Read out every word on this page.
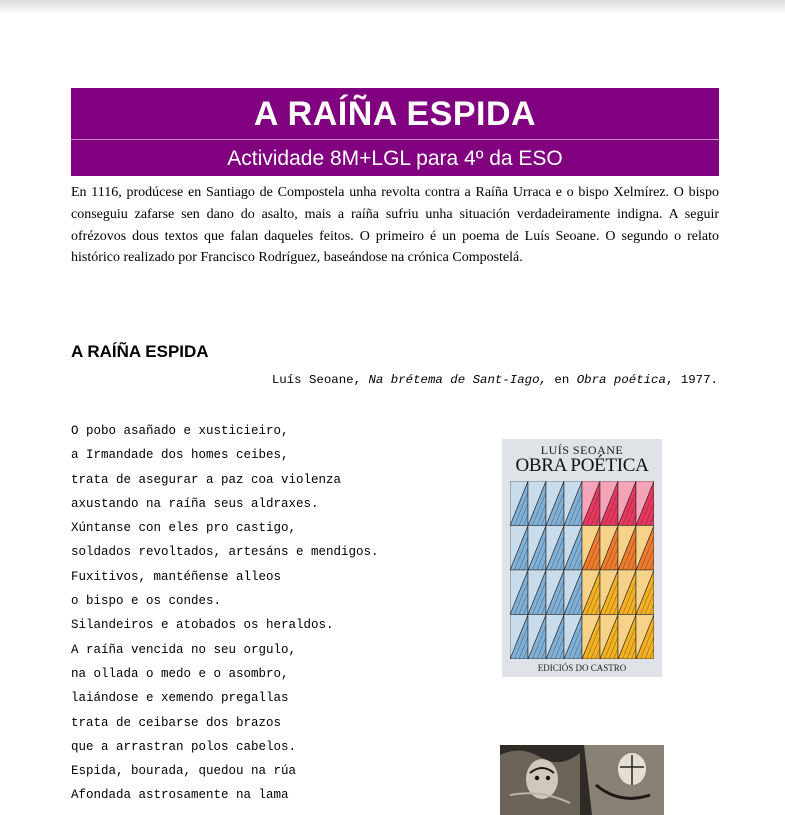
A RAÍÑA ESPIDA
Actividade 8M+LGL para 4º da ESO

En 1116, prodúcese en Santiago de Compostela unha revolta contra a Raíña Urraca e o bispo Xelmírez. O bispo conseguiu zafarse sen dano do asalto, mais a raíña sufriu unha situación verdadeiramente indigna. A seguir ofrézovos dous textos que falan daqueles feitos. O primeiro é un poema de Luís Seoane. O segundo o relato histórico realizado por Francisco Rodríguez, baseándose na crónica Compostelá.

A RAÍÑA ESPIDA
Luís Seoane, Na brétema de Sant-Iago, en Obra poética, 1977.
O pobo asañado e xusticieiro,
a Irmandade dos homes ceibes,
trata de asegurar a paz coa violenza
axustando na raíña seus aldraxes.
Xúntanse con eles pro castigo,
soldados revoltados, artesáns e mendigos.
Fuxitivos, mantéñense alleos
o bispo e os condes.
Silandeiros e atobados os heraldos.
A raíña vencida no seu orgulo,
na ollada o medo e o asombro,
laiándose e xemendo pregallas
trata de ceibarse dos brazos
que a arrastran polos cabelos.
Espida, bourada, quedou na rúa
Afondada astrosamente na lama
LUÍS SEOANE
OBRA POÉTICA
EDICIÓS DO CASTRO
